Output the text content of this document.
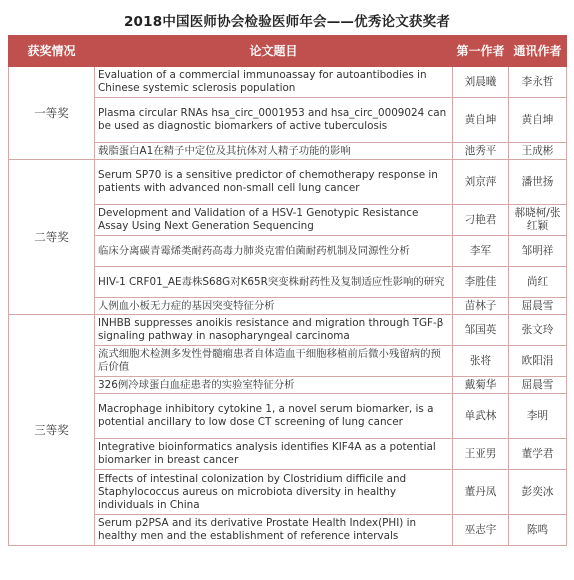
2018中国医师协会检验医师年会——优秀论文获奖者
获奖情况	论文题目	第一作者	通讯作者
一等奖	Evaluation of a commercial immunoassay for autoantibodies in Chinese systemic sclerosis population	刘晨曦	李永哲
	Plasma circular RNAs hsa_circ_0001953 and hsa_circ_0009024 can be used as diagnostic biomarkers of active tuberculosis	黄自坤	黄自坤
	载脂蛋白A1在精子中定位及其抗体对人精子功能的影响	池秀平	王成彬
二等奖	Serum SP70 is a sensitive predictor of chemotherapy response in patients with advanced non-small cell lung cancer	刘京萍	潘世扬
	Development and Validation of a HSV-1 Genotypic Resistance Assay Using Next Generation Sequencing	刁艳君	郝晓柯/张红颖
	临床分离碳青霉烯类耐药高毒力肺炎克雷伯菌耐药机制及同源性分析	李军	邹明祥
	HIV-1 CRF01_AE毒株S68G对K65R突变株耐药性及复制适应性影响的研究	李胜佳	尚红
	人例血小板无力症的基因突变特征分析	苗林子	屈晨雪
三等奖	INHBB suppresses anoikis resistance and migration through TGF-β signaling pathway in nasopharyngeal carcinoma	邹国英	张文玲
	流式细胞术检测多发性骨髓瘤患者自体造血干细胞移植前后微小残留病的预后价值	张将	欧阳涓
	326例冷球蛋白血症患者的实验室特征分析	戴菊华	屈晨雪
	Macrophage inhibitory cytokine 1, a novel serum biomarker, is a potential ancillary to low dose CT screening of lung cancer	单武林	李明
	Integrative bioinformatics analysis identifies KIF4A as a potential biomarker in breast cancer	王亚男	董学君
	Effects of intestinal colonization by Clostridium difficile and Staphylococcus aureus on microbiota diversity in healthy individuals in China	董丹凤	彭奕冰
	Serum p2PSA and its derivative Prostate Health Index(PHI) in healthy men and the establishment of reference intervals	巫志宇	陈鸣
